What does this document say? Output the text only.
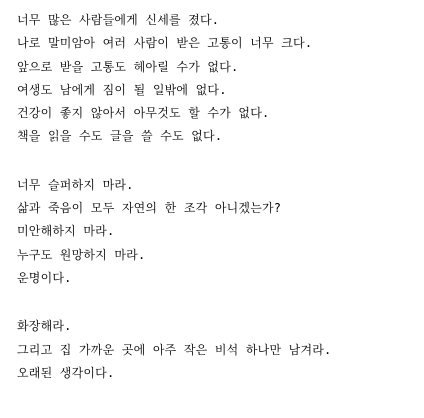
너무 많은 사람들에게 신세를 졌다.
나로 말미암아 여러 사람이 받은 고통이 너무 크다.
앞으로 받을 고통도 헤아릴 수가 없다.
여생도 남에게 짐이 될 일밖에 없다.
건강이 좋지 않아서 아무것도 할 수가 없다.
책을 읽을 수도 글을 쓸 수도 없다.
너무 슬퍼하지 마라.
삶과 죽음이 모두 자연의 한 조각 아니겠는가?
미안해하지 마라.
누구도 원망하지 마라.
운명이다.
화장해라.
그리고 집 가까운 곳에 아주 작은 비석 하나만 남겨라.
오래된 생각이다.
